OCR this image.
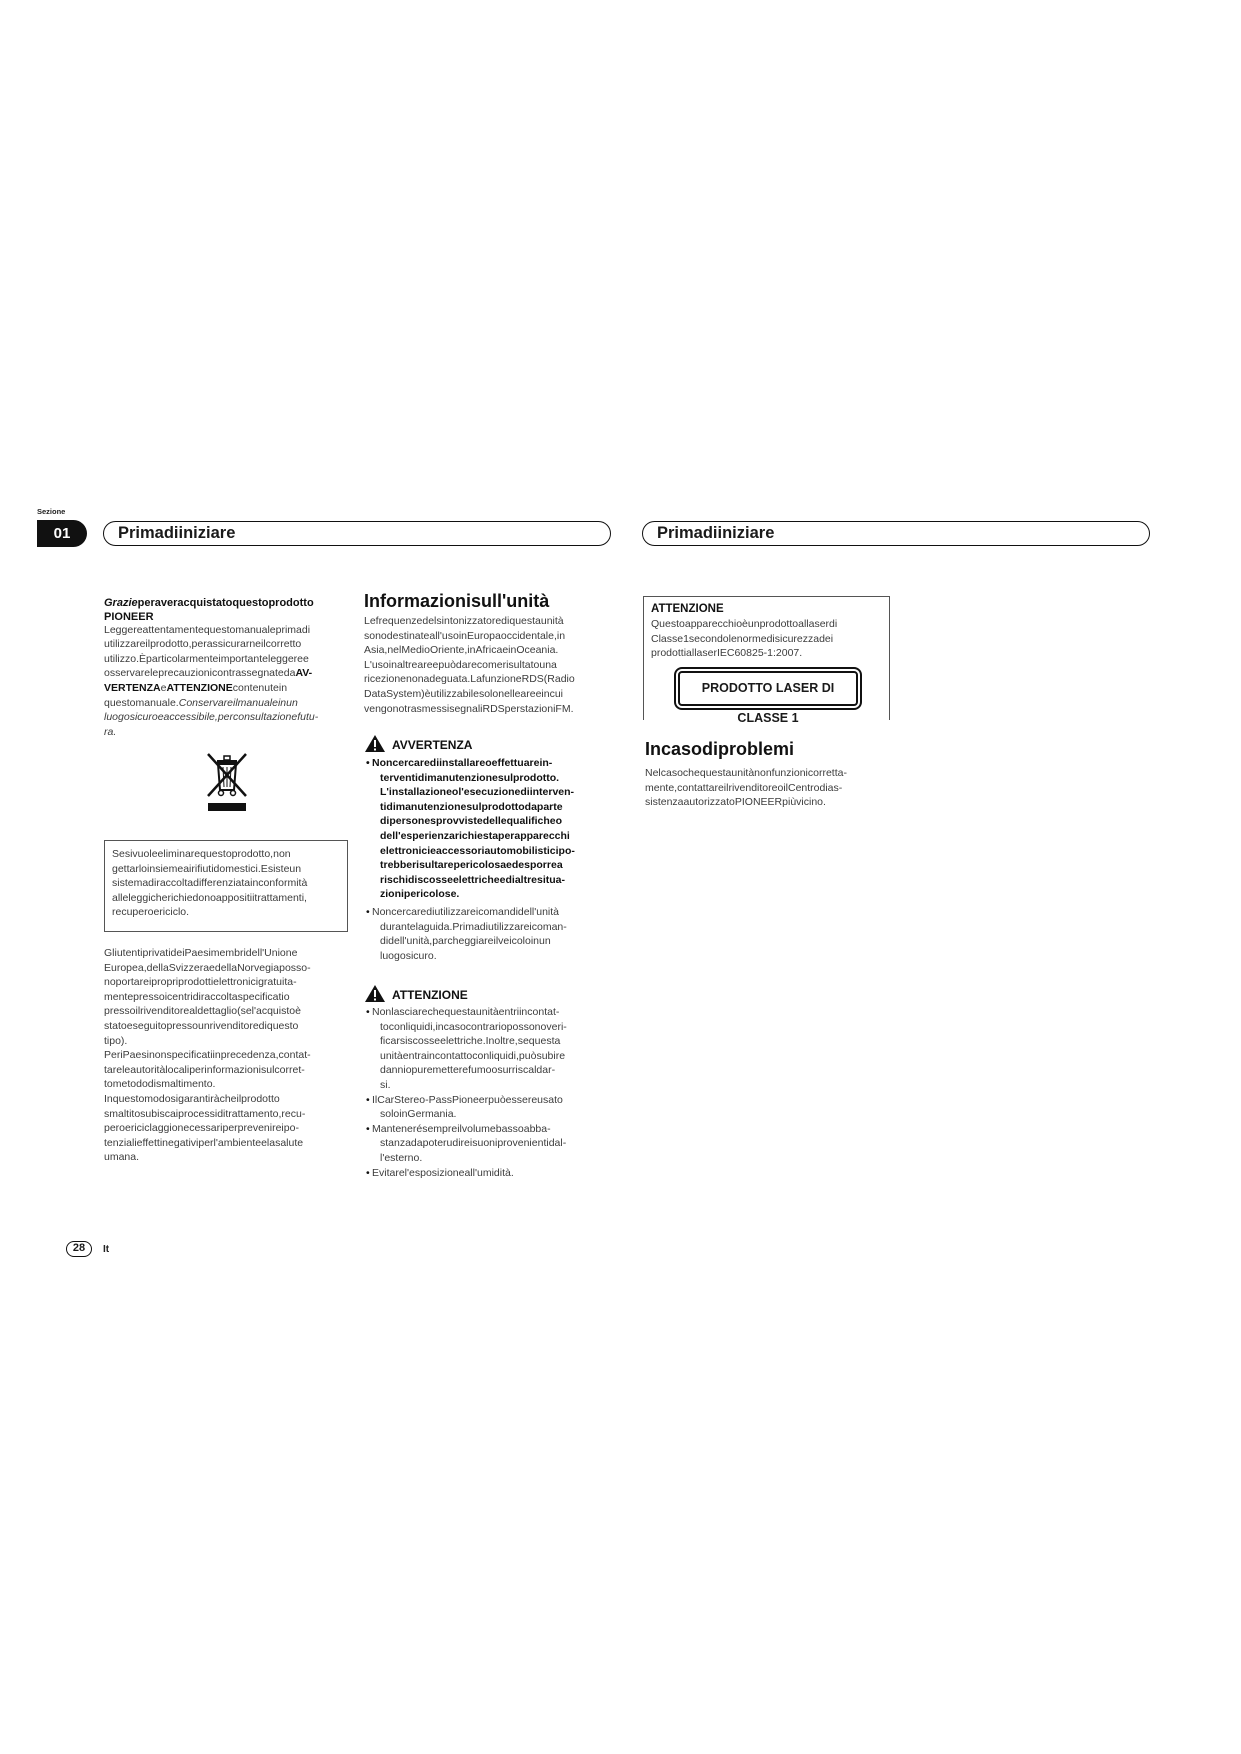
Sezione
01	Primadiiniziare	Primadiiniziare
Grazieperaveracquistatoquestoprodotto
PIONEER
Leggereattentamentequestomanualeprimadi
utilizzareilprodotto,perassicurarneilcorretto
utilizzo.Èparticolarmenteimportanteleggeree
osservareleprecauzionicontrassegnatedaAV-
VERTENZAeATTENZIONEcontenutein
questomanuale.Conservareilmanualeinun
luogosicuroeaccessibile,perconsultazionefutu-
ra.
Sesivuoleeliminarequestoprodotto,non
gettarloinsiemeairifiutidomestici.Esisteun
sistemadiraccoltadifferenziatainconformità
alleleggicherichiedonoappositiitrattamenti,
recuperoericiclo.
GliutentiprivatideiPaesimembridell'Unione
Europea,dellaSvizzeraedellaNorvegiaposso-
noportareipropriprodottielettronicigratuita-
mentepressoicentridiraccoltaspecificatio
pressoilrivenditorealdettaglio(sel'acquistoè
statoeseguitopressounrivenditorediquesto
tipo).
PeriPaesinonspecificatiinprecedenza,contat-
tareleautoritàlocaliperinformazionisulcorret-
tometododismaltimento.
Inquestomodosigarantiràcheilprodotto
smaltitosubiscaiprocessiditrattamento,recu-
peroericiclaggionecessariperprevenireipo-
tenzialieffettinegativiperl'ambienteelasalute
umana.
Informazionisull'unità
Lefrequenzedelsintonizzatorediquestaunità
sonodestinateall'usoinEuropaoccidentale,in
Asia,nelMedioOriente,inAfricaeinOceania.
L'usoinaltreareepuòdarecomerisultatouna
ricezionenonadeguata.LafunzioneRDS(Radio
DataSystem)èutilizzabilesolonelleareeincui
vengonotrasmessisegnaliRDSperstazioniFM.
AVVERTENZA
• Noncercarediinstallareoeffettuarein-
terventidimanutenzionesulprodotto.
L'installazioneol'esecuzionediinterven-
tidimanutenzionesulprodottodaparte
dipersonesprovvistedellequalificheo
dell'esperienzarichiestaperapparecchi
elettronicieaccessoriautomobilisticipo-
trebberisultarepericolosaedesporrea
rischidiscosseelettricheedialtresitua-
zionipericolose.
• Noncercarediutilizzareicomandidell'unità
durantelaguida.Primadiutilizzareicoman-
didell'unità,parcheggiareilveicoloinun
luogosicuro.
ATTENZIONE
• Nonlasciarechequestaunitàentriincontat-
toconliquidi,incasocontrariopossonoveri-
ficarsiscosseelettriche.Inoltre,sequesta
unitàentraincontattoconliquidi,puòsubire
danniopuremetterefumoosurriscaldar-
si.
• IlCarStereo-PassPioneerpuòessereusato
soloinGermania.
• Mantenerésempreilvolumebassoabba-
stanzadapoterudireisuoniprovenientidal-
l'esterno.
• Evitarel'esposizioneall'umidità.
ATTENZIONE
Questoapparecchioèunprodottoallaserdi
Classe1secondolenormedisicurezzadei
prodottiallaserIEC60825-1:2007.
PRODOTTO LASER DI CLASSE 1
Incasodiproblemi
Nelcasochequestaunitànonfunzionicorretta-
mente,contattareilrivenditoreoilCentrodias-
sistenzaautorizzatoPIONEERpiùvicino.
28	It
